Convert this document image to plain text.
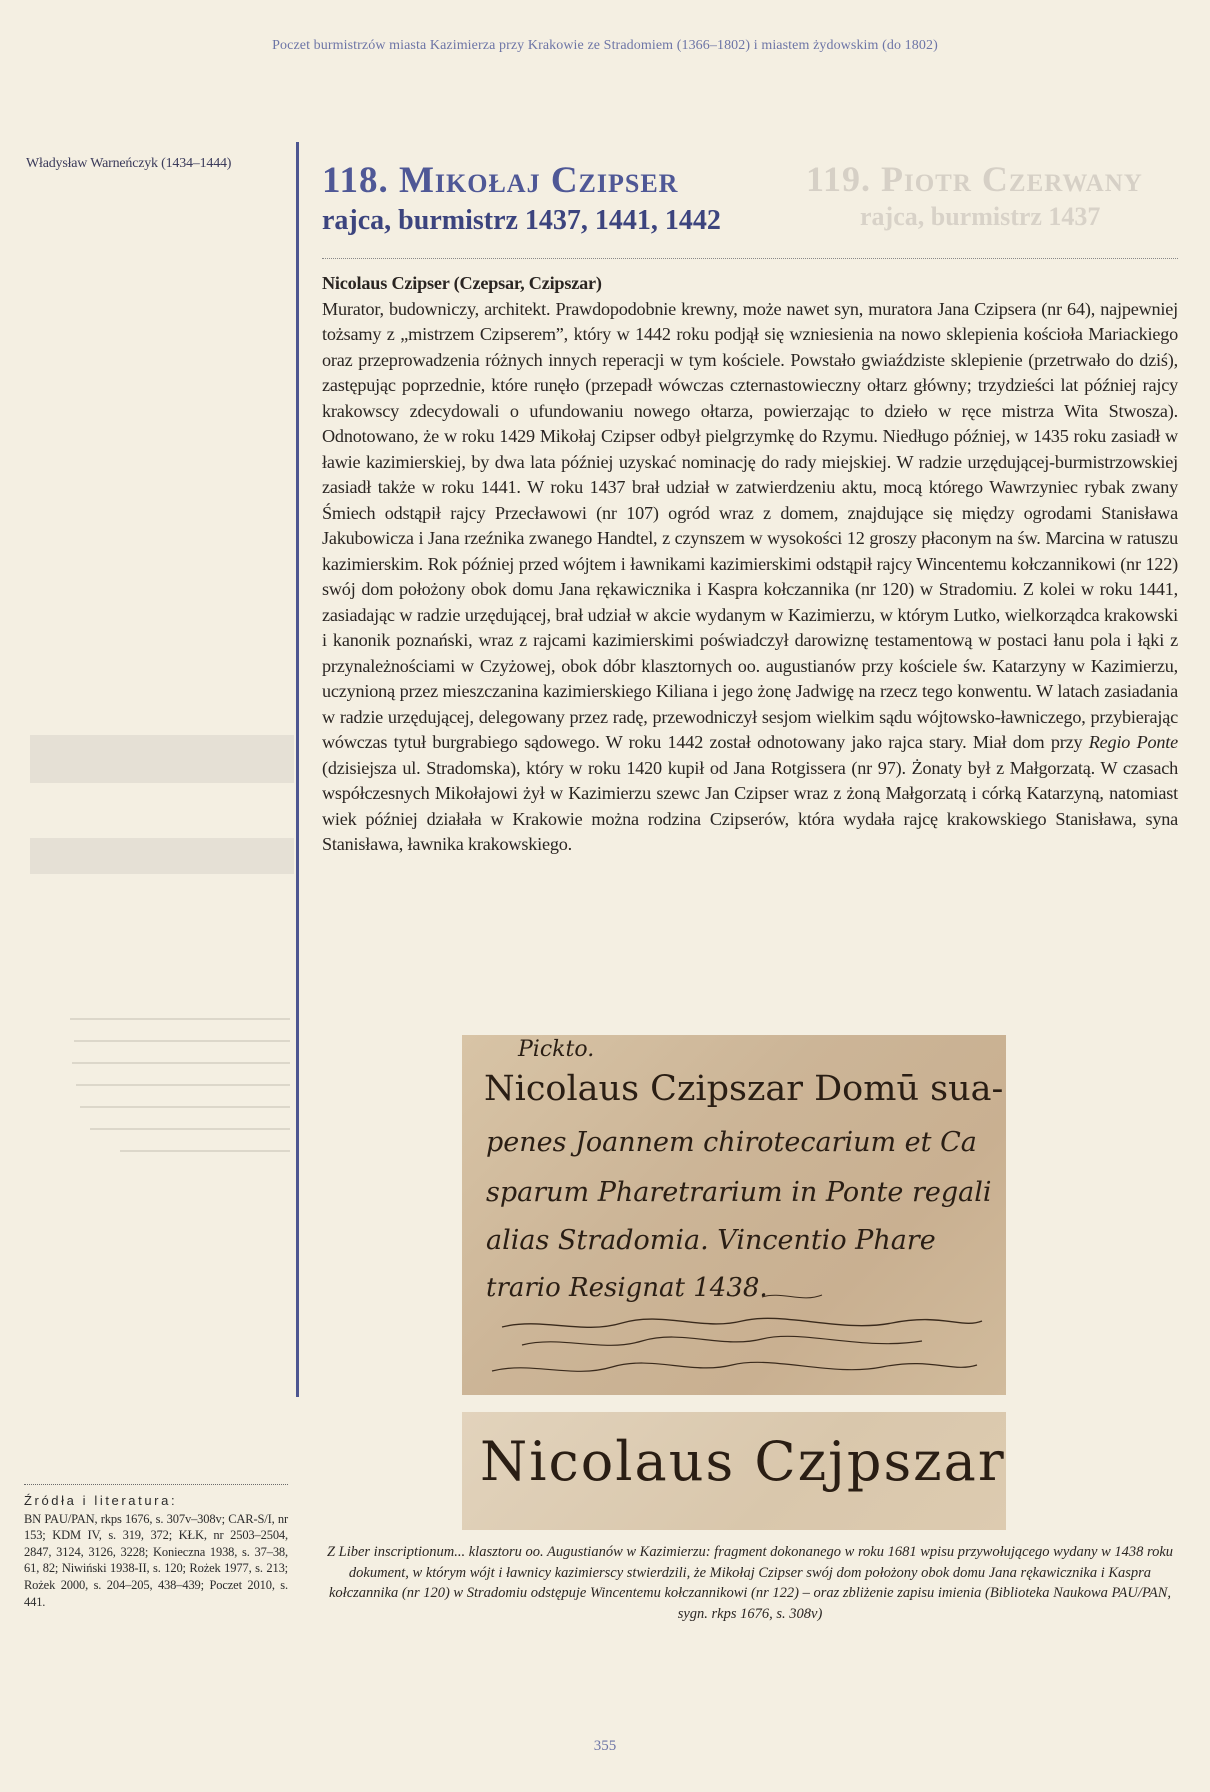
Poczet burmistrzów miasta Kazimierza przy Krakowie ze Stradomiem (1366–1802) i miastem żydowskim (do 1802)
Władysław Warneńczyk (1434–1444)
Źródła i literatura:
BN PAU/PAN, rkps 1676, s. 307v–308v; CAR-S/I, nr 153; KDM IV, s. 319, 372; KŁK, nr 2503–2504, 2847, 3124, 3126, 3228; Konieczna 1938, s. 37–38, 61, 82; Niwiński 1938-II, s. 120; Rożek 1977, s. 213; Rożek 2000, s. 204–205, 438–439; Poczet 2010, s. 441.
119. Piotr Czerwany
rajca, burmistrz 1437
118. Mikołaj Czipser
rajca, burmistrz 1437, 1441, 1442
Nicolaus Czipser (Czepsar, Czipszar)
Murator, budowniczy, architekt. Prawdopodobnie krewny, może nawet syn, muratora Jana Czipsera (nr 64), najpewniej tożsamy z „mistrzem Czipserem”, który w 1442 roku podjął się wzniesienia na nowo sklepienia kościoła Mariackiego oraz przeprowadzenia różnych innych reperacji w tym kościele. Powstało gwiaździste sklepienie (przetrwało do dziś), zastępując poprzednie, które runęło (przepadł wówczas czternastowieczny ołtarz główny; trzydzieści lat później rajcy krakowscy zdecydowali o ufundowaniu nowego ołtarza, powierzając to dzieło w ręce mistrza Wita Stwosza). Odnotowano, że w roku 1429 Mikołaj Czipser odbył pielgrzymkę do Rzymu. Niedługo później, w 1435 roku zasiadł w ławie kazimierskiej, by dwa lata później uzyskać nominację do rady miejskiej. W radzie urzędującej-burmistrzowskiej zasiadł także w roku 1441. W roku 1437 brał udział w zatwierdzeniu aktu, mocą którego Wawrzyniec rybak zwany Śmiech odstąpił rajcy Przecławowi (nr 107) ogród wraz z domem, znajdujące się między ogrodami Stanisława Jakubowicza i Jana rzeźnika zwanego Handtel, z czynszem w wysokości 12 groszy płaconym na św. Marcina w ratuszu kazimierskim. Rok później przed wójtem i ławnikami kazimierskimi odstąpił rajcy Wincentemu kołczannikowi (nr 122) swój dom położony obok domu Jana rękawicznika i Kaspra kołczannika (nr 120) w Stradomiu. Z kolei w roku 1441, zasiadając w radzie urzędującej, brał udział w akcie wydanym w Kazimierzu, w którym Lutko, wielkorządca krakowski i kanonik poznański, wraz z rajcami kazimierskimi poświadczył darowiznę testamentową w postaci łanu pola i łąki z przynależnościami w Czyżowej, obok dóbr klasztornych oo. augustianów przy kościele św. Katarzyny w Kazimierzu, uczynioną przez mieszczanina kazimierskiego Kiliana i jego żonę Jadwigę na rzecz tego konwentu. W latach zasiadania w radzie urzędującej, delegowany przez radę, przewodniczył sesjom wielkim sądu wójtowsko-ławniczego, przybierając wówczas tytuł burgrabiego sądowego. W roku 1442 został odnotowany jako rajca stary. Miał dom przy Regio Ponte (dzisiejsza ul. Stradomska), który w roku 1420 kupił od Jana Rotgissera (nr 97). Żonaty był z Małgorzatą. W czasach współczesnych Mikołajowi żył w Kazimierzu szewc Jan Czipser wraz z żoną Małgorzatą i córką Katarzyną, natomiast wiek później działała w Krakowie można rodzina Czipserów, która wydała rajcę krakowskiego Stanisława, syna Stanisława, ławnika krakowskiego.
Pickto.
Nicolaus Czipszar Domū sua-
penes Joannem chirotecarium et Ca
sparum Pharetrarium in Ponte regali
alias Stradomia. Vincentio Phare
trario Resignat 1438.
Nicolaus Czjpszar
Z Liber inscriptionum... klasztoru oo. Augustianów w Kazimierzu: fragment dokonanego w roku 1681 wpisu przywołującego wydany w 1438 roku dokument, w którym wójt i ławnicy kazimierscy stwierdzili, że Mikołaj Czipser swój dom położony obok domu Jana rękawicznika i Kaspra kołczannika (nr 120) w Stradomiu odstępuje Wincentemu kołczannikowi (nr 122) – oraz zbliżenie zapisu imienia (Biblioteka Naukowa PAU/PAN, sygn. rkps 1676, s. 308v)
355
